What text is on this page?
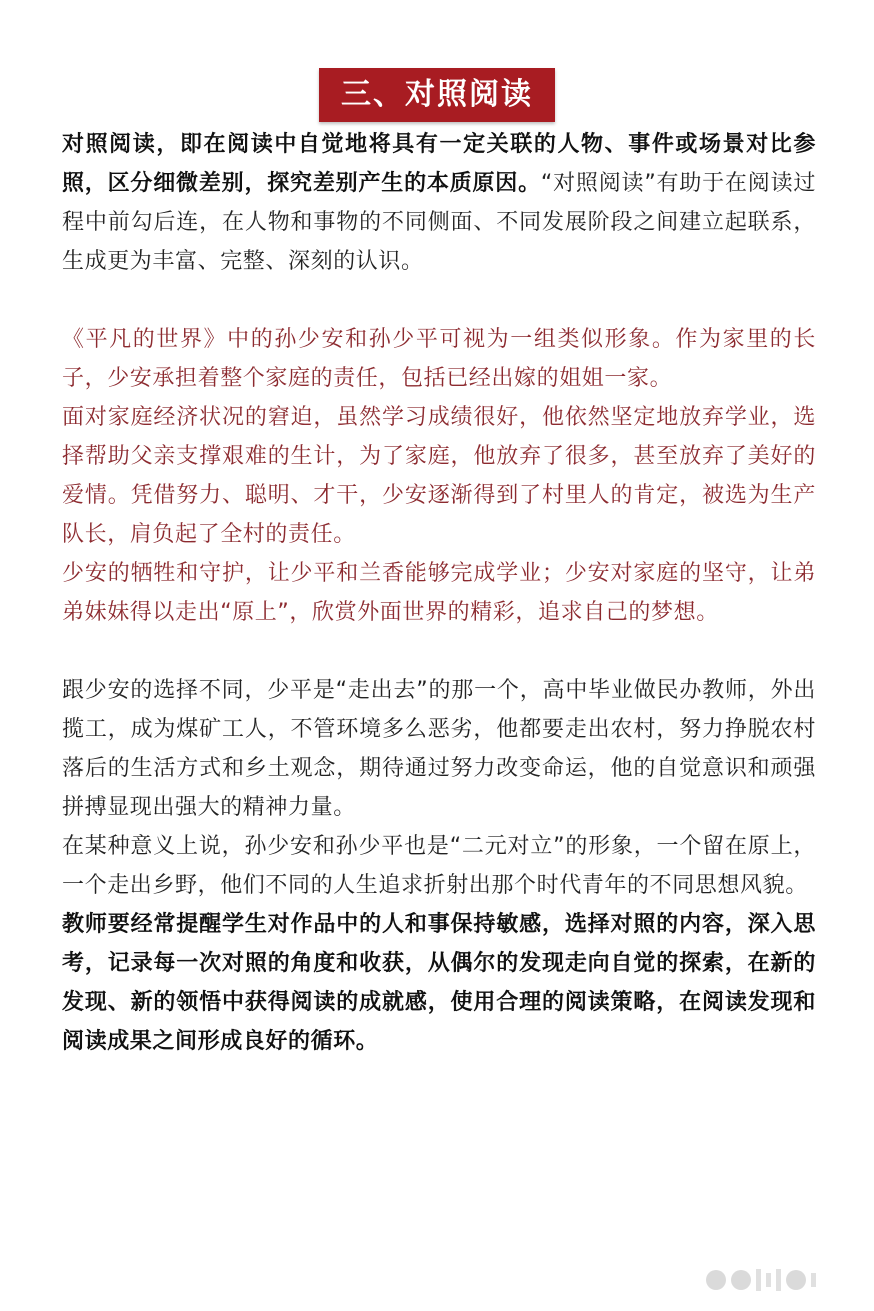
三、对照阅读

对照阅读，即在阅读中自觉地将具有一定关联的人物、事件或场景对比参照，区分细微差别，探究差别产生的本质原因。“对照阅读”有助于在阅读过程中前勾后连，在人物和事物的不同侧面、不同发展阶段之间建立起联系，生成更为丰富、完整、深刻的认识。

《平凡的世界》中的孙少安和孙少平可视为一组类似形象。作为家里的长子，少安承担着整个家庭的责任，包括已经出嫁的姐姐一家。

面对家庭经济状况的窘迫，虽然学习成绩很好，他依然坚定地放弃学业，选择帮助父亲支撑艰难的生计，为了家庭，他放弃了很多，甚至放弃了美好的爱情。凭借努力、聪明、才干，少安逐渐得到了村里人的肯定，被选为生产队长，肩负起了全村的责任。

少安的牺牲和守护，让少平和兰香能够完成学业；少安对家庭的坚守，让弟弟妹妹得以走出“原上”，欣赏外面世界的精彩，追求自己的梦想。

跟少安的选择不同，少平是“走出去”的那一个，高中毕业做民办教师，外出揽工，成为煤矿工人，不管环境多么恶劣，他都要走出农村，努力挣脱农村落后的生活方式和乡土观念，期待通过努力改变命运，他的自觉意识和顽强拼搏显现出强大的精神力量。

在某种意义上说，孙少安和孙少平也是“二元对立”的形象，一个留在原上，一个走出乡野，他们不同的人生追求折射出那个时代青年的不同思想风貌。

教师要经常提醒学生对作品中的人和事保持敏感，选择对照的内容，深入思考，记录每一次对照的角度和收获，从偶尔的发现走向自觉的探索，在新的发现、新的领悟中获得阅读的成就感，使用合理的阅读策略，在阅读发现和阅读成果之间形成良好的循环。
